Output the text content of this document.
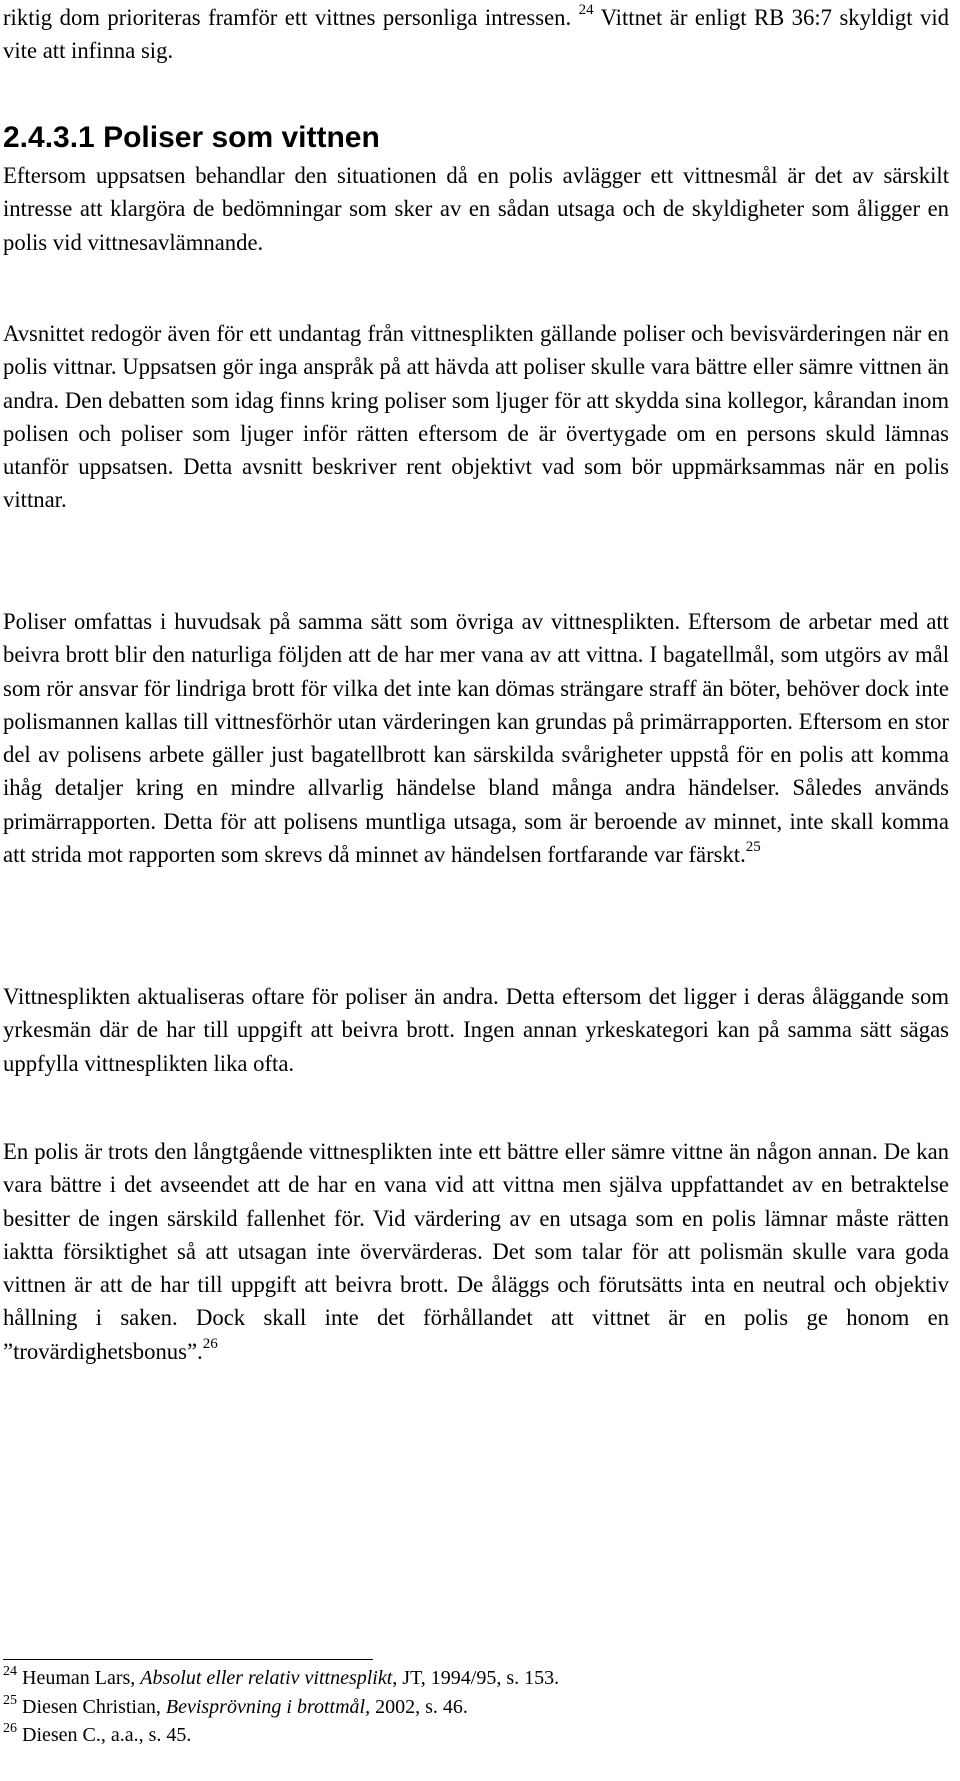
riktig dom prioriteras framför ett vittnes personliga intressen. $^{24}$ Vittnet är enligt RB 36:7 skyldigt vid vite att infinna sig.

2.4.3.1 Poliser som vittnen

Eftersom uppsatsen behandlar den situationen då en polis avlägger ett vittnesmål är det av särskilt intresse att klargöra de bedömningar som sker av en sådan utsaga och de skyldigheter som åligger en polis vid vittnesavlämnande.

Avsnittet redogör även för ett undantag från vittnesplikten gällande poliser och bevisvärderingen när en polis vittnar. Uppsatsen gör inga anspråk på att hävda att poliser skulle vara bättre eller sämre vittnen än andra. Den debatten som idag finns kring poliser som ljuger för att skydda sina kollegor, kårandan inom polisen och poliser som ljuger inför rätten eftersom de är övertygade om en persons skuld lämnas utanför uppsatsen. Detta avsnitt beskriver rent objektivt vad som bör uppmärksammas när en polis vittnar.

Poliser omfattas i huvudsak på samma sätt som övriga av vittnesplikten. Eftersom de arbetar med att beivra brott blir den naturliga följden att de har mer vana av att vittna. I bagatellmål, som utgörs av mål som rör ansvar för lindriga brott för vilka det inte kan dömas strängare straff än böter, behöver dock inte polismannen kallas till vittnesförhör utan värderingen kan grundas på primärrapporten. Eftersom en stor del av polisens arbete gäller just bagatellbrott kan särskilda svårigheter uppstå för en polis att komma ihåg detaljer kring en mindre allvarlig händelse bland många andra händelser. Således används primärrapporten. Detta för att polisens muntliga utsaga, som är beroende av minnet, inte skall komma att strida mot rapporten som skrevs då minnet av händelsen fortfarande var färskt.$^{25}$

Vittnesplikten aktualiseras oftare för poliser än andra. Detta eftersom det ligger i deras åläggande som yrkesmän där de har till uppgift att beivra brott. Ingen annan yrkeskategori kan på samma sätt sägas uppfylla vittnesplikten lika ofta.

En polis är trots den långtgående vittnesplikten inte ett bättre eller sämre vittne än någon annan. De kan vara bättre i det avseendet att de har en vana vid att vittna men själva uppfattandet av en betraktelse besitter de ingen särskild fallenhet för. Vid värdering av en utsaga som en polis lämnar måste rätten iaktta försiktighet så att utsagan inte övervärderas. Det som talar för att polismän skulle vara goda vittnen är att de har till uppgift att beivra brott. De åläggs och förutsätts inta en neutral och objektiv hållning i saken. Dock skall inte det förhållandet att vittnet är en polis ge honom en ”trovärdighetsbonus”.$^{26}$

$^{24}$ Heuman Lars, Absolut eller relativ vittnesplikt, JT, 1994/95, s. 153.
$^{25}$ Diesen Christian, Bevisprövning i brottmål, 2002, s. 46.
$^{26}$ Diesen C., a.a., s. 45.
